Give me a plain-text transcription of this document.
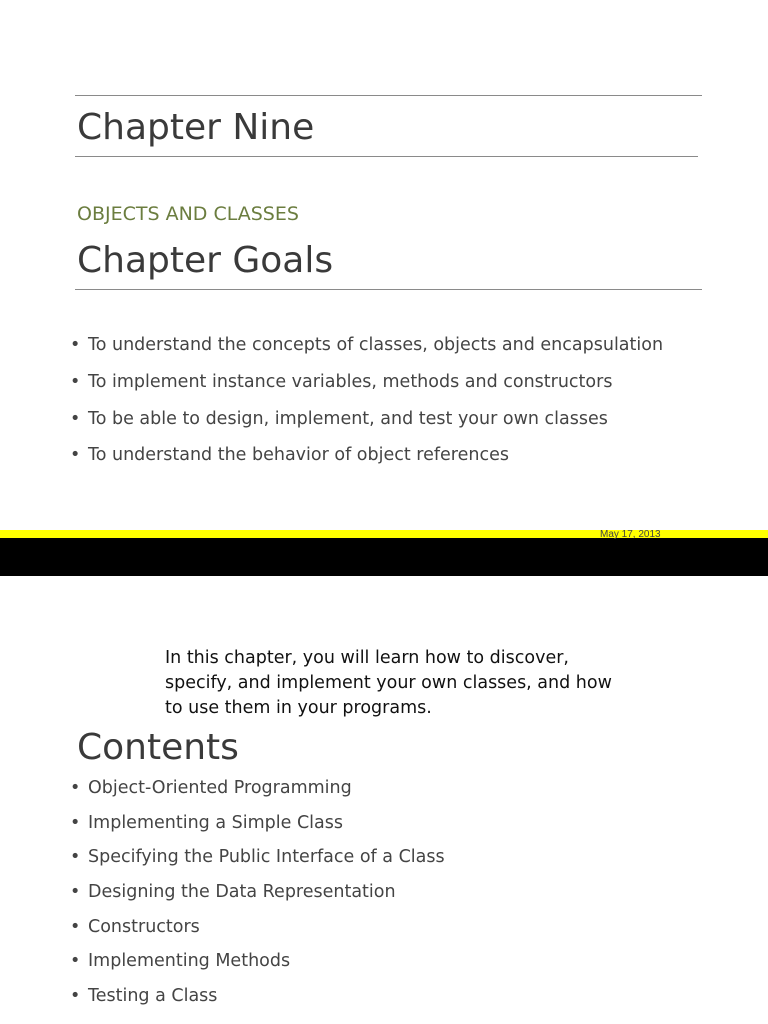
Chapter Nine
OBJECTS AND CLASSES
Chapter Goals
• To understand the concepts of classes, objects and encapsulation
• To implement instance variables, methods and constructors
• To be able to design, implement, and test your own classes
• To understand the behavior of object references
May 17, 2013
In this chapter, you will learn how to discover, specify, and implement your own classes, and how to use them in your programs.
Contents
• Object-Oriented Programming
• Implementing a Simple Class
• Specifying the Public Interface of a Class
• Designing the Data Representation
• Constructors
• Implementing Methods
• Testing a Class
